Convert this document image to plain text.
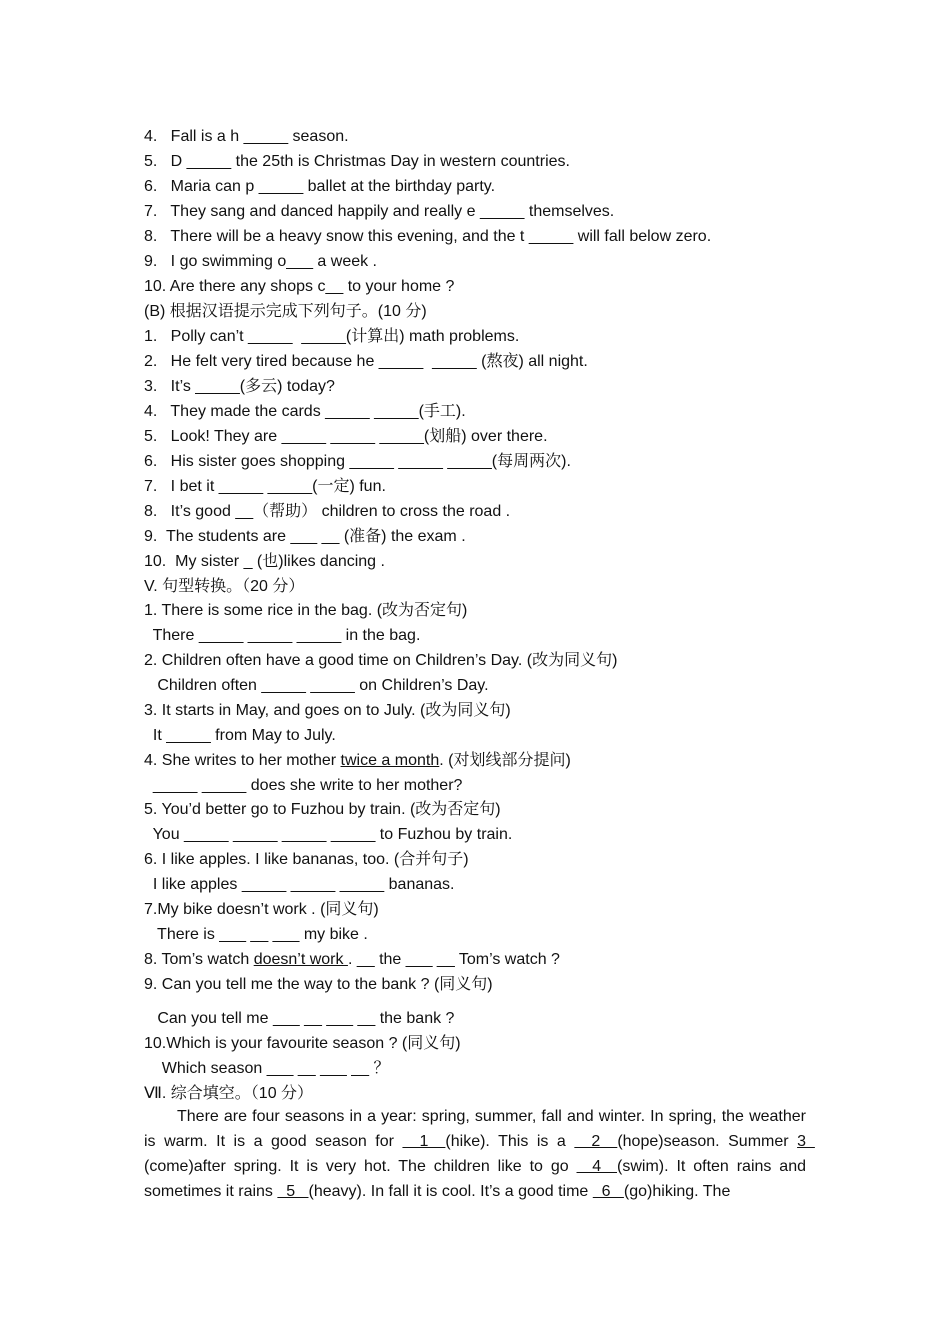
4.   Fall is a h _____ season.
5.   D _____ the 25th is Christmas Day in western countries.
6.   Maria can p _____ ballet at the birthday party.
7.   They sang and danced happily and really e _____ themselves.
8.   There will be a heavy snow this evening, and the t _____ will fall below zero.
9.   I go swimming o___ a week .
10. Are there any shops c__ to your home ?
(B) 根据汉语提示完成下列句子。(10 分)
1.   Polly can’t _____  _____(计算出) math problems.
2.   He felt very tired because he _____  _____ (熬夜) all night.
3.   It’s _____(多云) today?
4.   They made the cards _____ _____(手工).
5.   Look! They are _____ _____ _____(划船) over there.
6.   His sister goes shopping _____ _____ _____(每周两次).
7.   I bet it _____ _____(一定) fun.
8.   It’s good __（帮助） children to cross the road .
9.  The students are ___ __ (准备) the exam .
10.  My sister _ (也)likes dancing .
V. 句型转换。（20 分）
1. There is some rice in the bag. (改为否定句)
There _____ _____ _____ in the bag.
2. Children often have a good time on Children’s Day. (改为同义句)
Children often _____ _____ on Children’s Day.
3. It starts in May, and goes on to July. (改为同义句)
It _____ from May to July.
4. She writes to her mother twice a month. (对划线部分提问)
_____ _____ does she write to her mother?
5. You’d better go to Fuzhou by train. (改为否定句)
You _____ _____ _____ _____ to Fuzhou by train.
6. I like apples. I like bananas, too. (合并句子)
I like apples _____ _____ _____ bananas.
7.My bike doesn’t work . (同义句)
There is ___ __ ___ my bike .
8. Tom’s watch doesn’t work . __ the ___ __ Tom’s watch ?
9. Can you tell me the way to the bank ? (同义句)
Can you tell me ___ __ ___ __ the bank ?
10.Which is your favourite season ? (同义句)
Which season ___ __ ___ __ ？
Ⅶ. 综合填空。（10 分）
There are four seasons in a year: spring, summer, fall and winter. In spring, the weather is warm. It is a good season for   1  (hike). This is a   2  (hope)season. Summer 3  (come)after spring. It is very hot. The children like to go   4  (swim). It often rains and sometimes it rains   5   (heavy). In fall it is cool. It’s a good time   6   (go)hiking. The
